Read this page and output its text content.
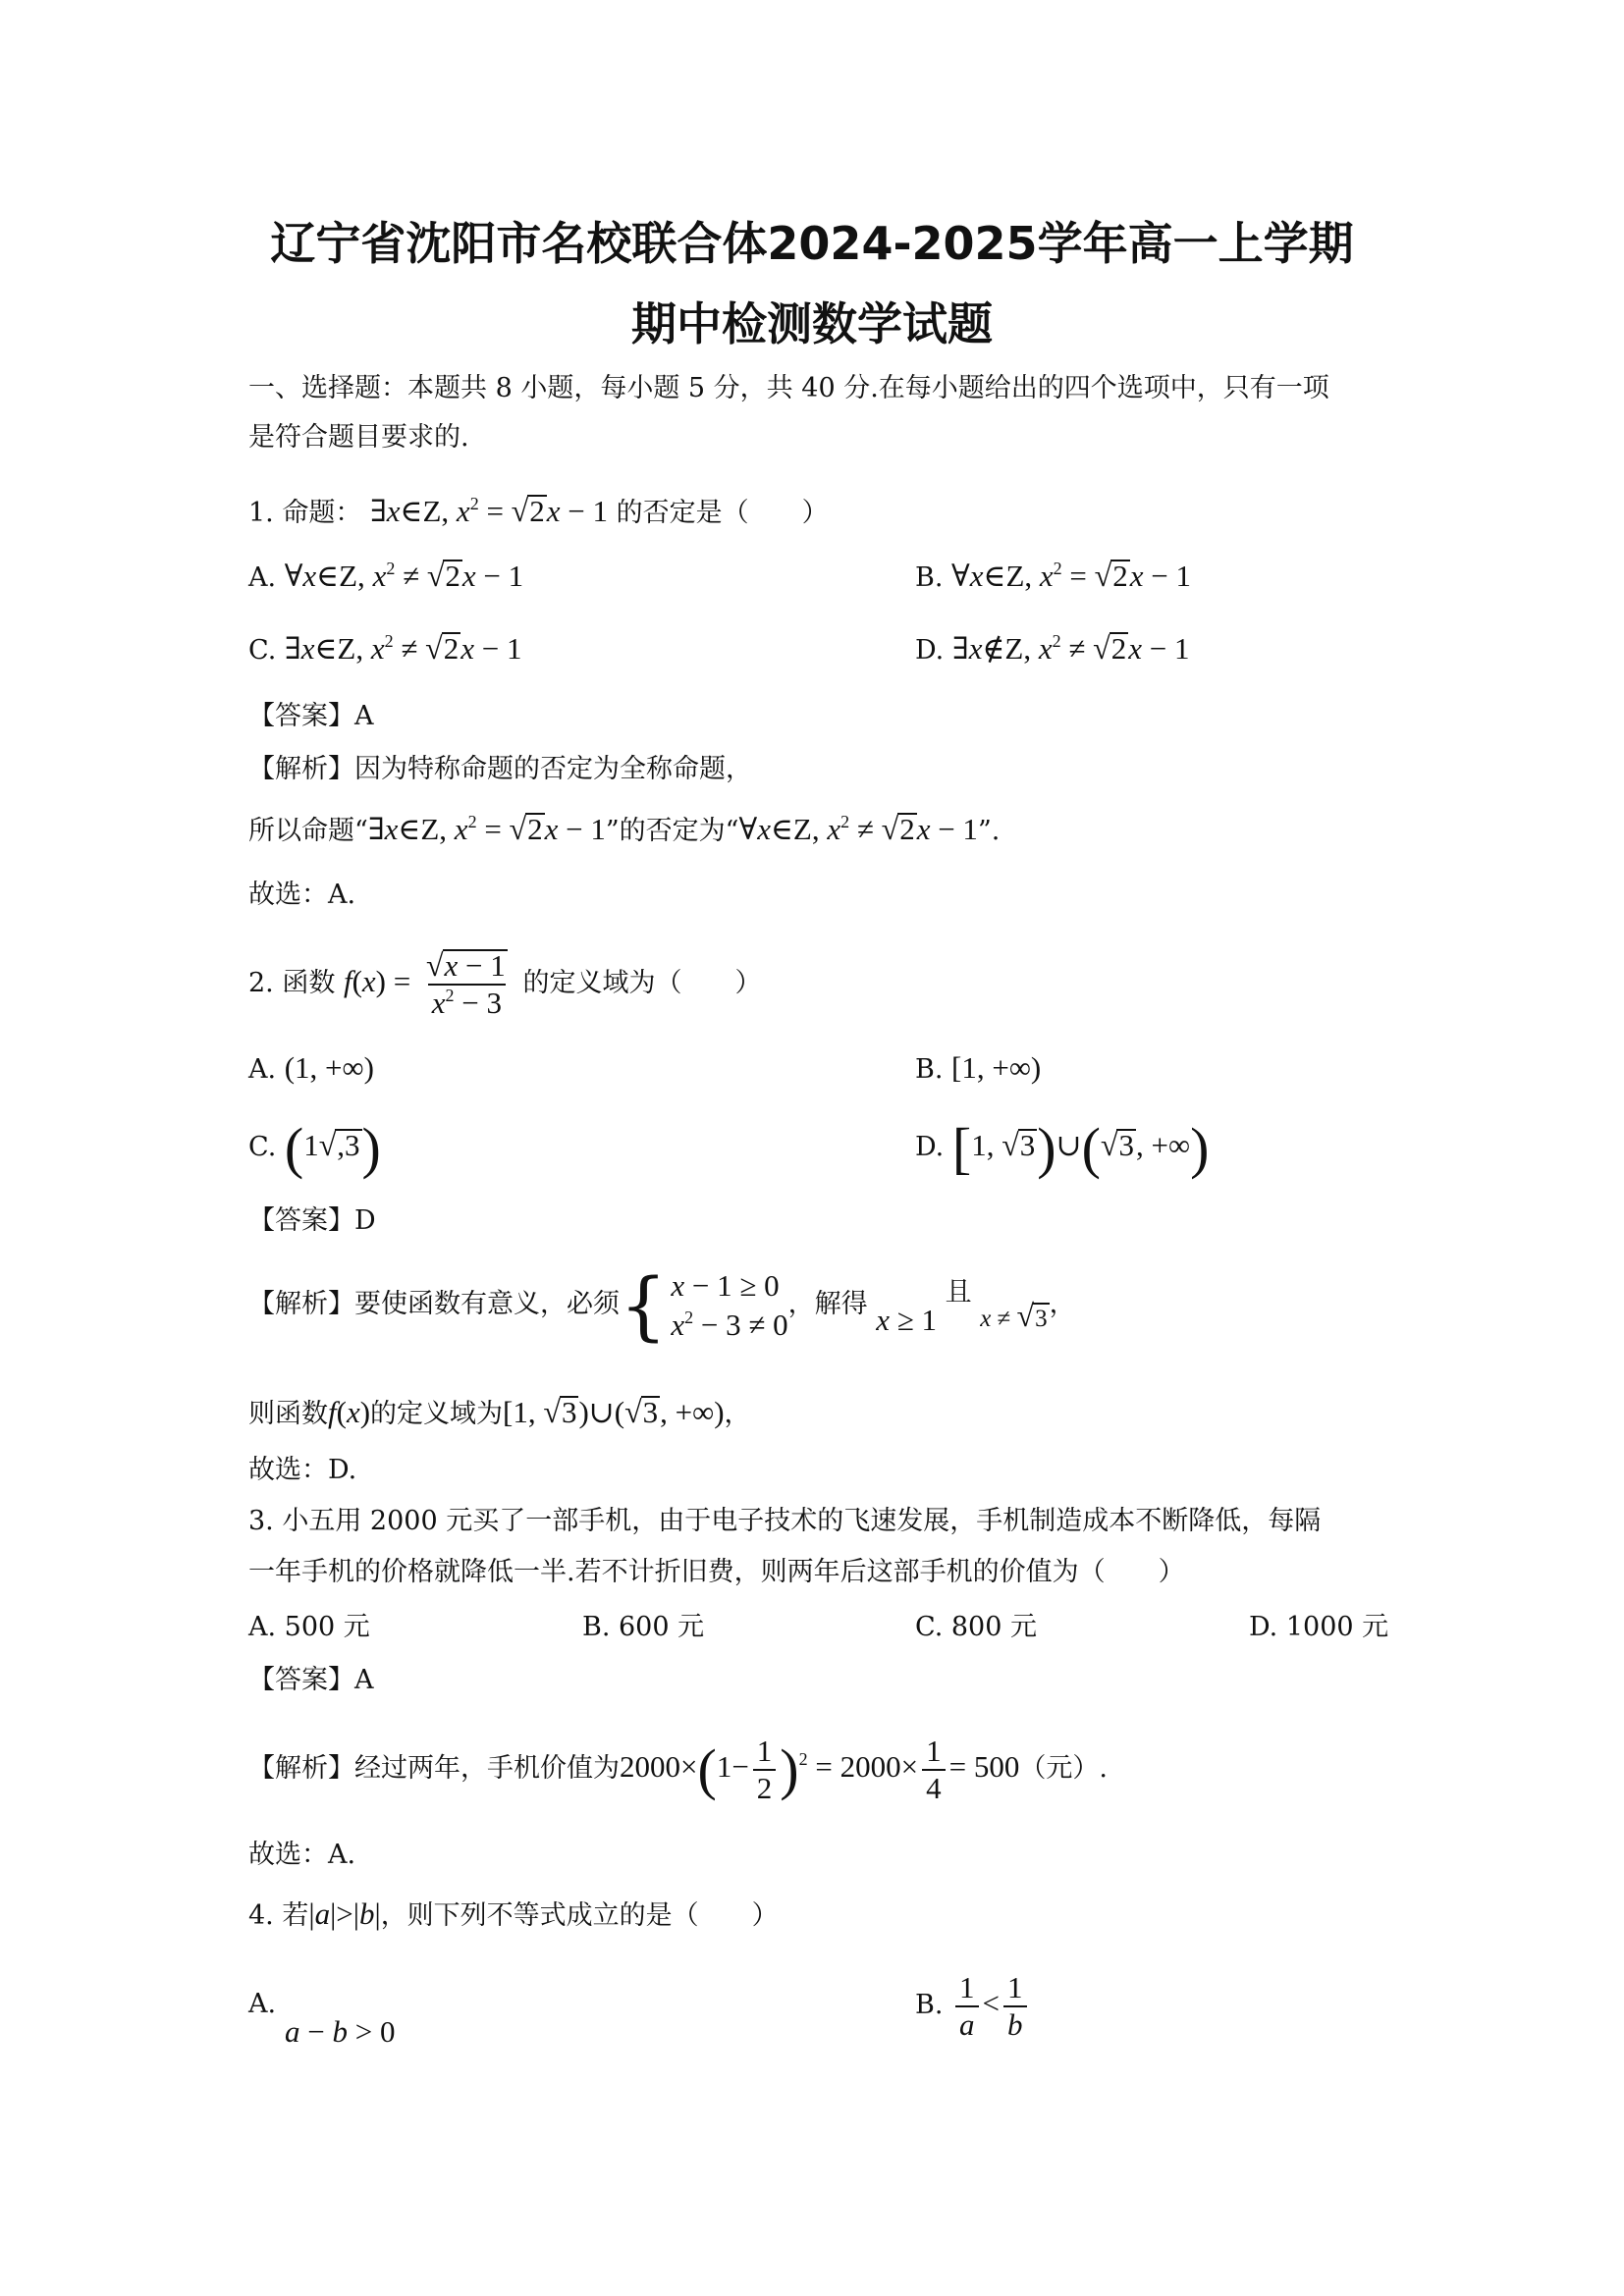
辽宁省沈阳市名校联合体2024-2025学年高一上学期
期中检测数学试题
一、选择题：本题共 8 小题，每小题 5 分，共 40 分.在每小题给出的四个选项中，只有一项
是符合题目要求的.
1. 命题： ∃x∈Z, $x^2 = √2x - 1$ 的否定是（　　）
A. ∀x∈Z, $x^2 \ne √2x - 1$	B. ∀x∈Z, $x^2 = √2x - 1$
C. ∃x∈Z, $x^2 \ne √2x - 1$	D. ∃x∉Z, $x^2 \ne √2x - 1$
【答案】A
【解析】因为特称命题的否定为全称命题，
所以命题“∃x∈Z, $x^2 = √2x - 1$”的否定为“∀x∈Z, $x^2 \ne √2x - 1$”.
故选：A.
2. 函数 $f(x) = \frac{√x - 1}{x^2 - 3}$ 的定义域为（　　）
A. (1, +∞)	B. [1, +∞)
C. (1√,3)	D. [1, √3)∪(√3, +∞)
【答案】D
【解析】要使函数有意义，必须 { x − 1 ≥ 0
$x^2 - 3 \ne 0$
，解得 x ≥ 1 且 x ≠ √3，
则函数f(x)的定义域为[1, √3)∪(√3, +∞)，
故选：D.
3. 小五用 2000 元买了一部手机，由于电子技术的飞速发展，手机制造成本不断降低，每隔
一年手机的价格就降低一半.若不计折旧费，则两年后这部手机的价值为（　　）
A. 500 元	B. 600 元	C. 800 元	D. 1000 元
【答案】A
【解析】经过两年，手机价值为$2000\times(1- \frac{1}{2} )^2 = 2000\times \frac{1}{4} = 500$（元）.
故选：A.
4. 若|a|>|b|，则下列不等式成立的是（　　）
A.
a − b > 0
B. $\frac{1}{a} < \frac{1}{b}$
